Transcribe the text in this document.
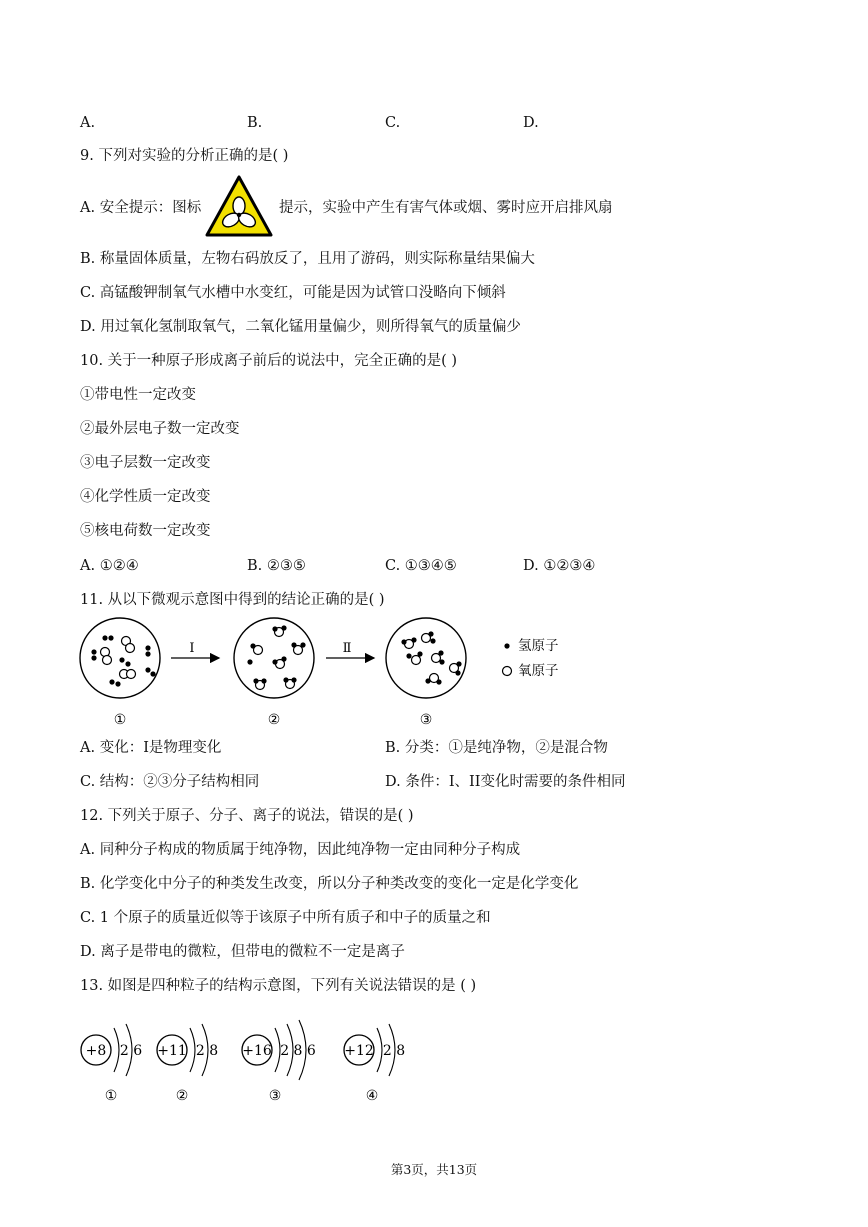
A.	B.	C.	D.
9. 下列对实验的分析正确的是( )
A. 安全提示：图标	提示，实验中产生有害气体或烟、雾时应开启排风扇
B. 称量固体质量，左物右码放反了，且用了游码，则实际称量结果偏大
C. 高锰酸钾制氧气水槽中水变红，可能是因为试管口没略向下倾斜
D. 用过氧化氢制取氧气，二氧化锰用量偏少，则所得氧气的质量偏少
10. 关于一种原子形成离子前后的说法中，完全正确的是( )
①带电性一定改变
②最外层电子数一定改变
③电子层数一定改变
④化学性质一定改变
⑤核电荷数一定改变
A. ①②④	B. ②③⑤	C. ①③④⑤	D. ①②③④
11. 从以下微观示意图中得到的结论正确的是( )
I	Ⅱ	氢原子
氧原子
①	②	③
A. 变化：I是物理变化	B. 分类：①是纯净物，②是混合物
C. 结构：②③分子结构相同	D. 条件：I、II变化时需要的条件相同
12. 下列关于原子、分子、离子的说法，错误的是( )
A. 同种分子构成的物质属于纯净物，因此纯净物一定由同种分子构成
B. 化学变化中分子的种类发生改变，所以分子种类改变的变化一定是化学变化
C. 1 个原子的质量近似等于该原子中所有质子和中子的质量之和
D. 离子是带电的微粒，但带电的微粒不一定是离子
13. 如图是四种粒子的结构示意图，下列有关说法错误的是 ( )
+8 2 6
①
+11 2 8
②
+16 2 8 6
③
+12 2 8
④
第3页，共13页
